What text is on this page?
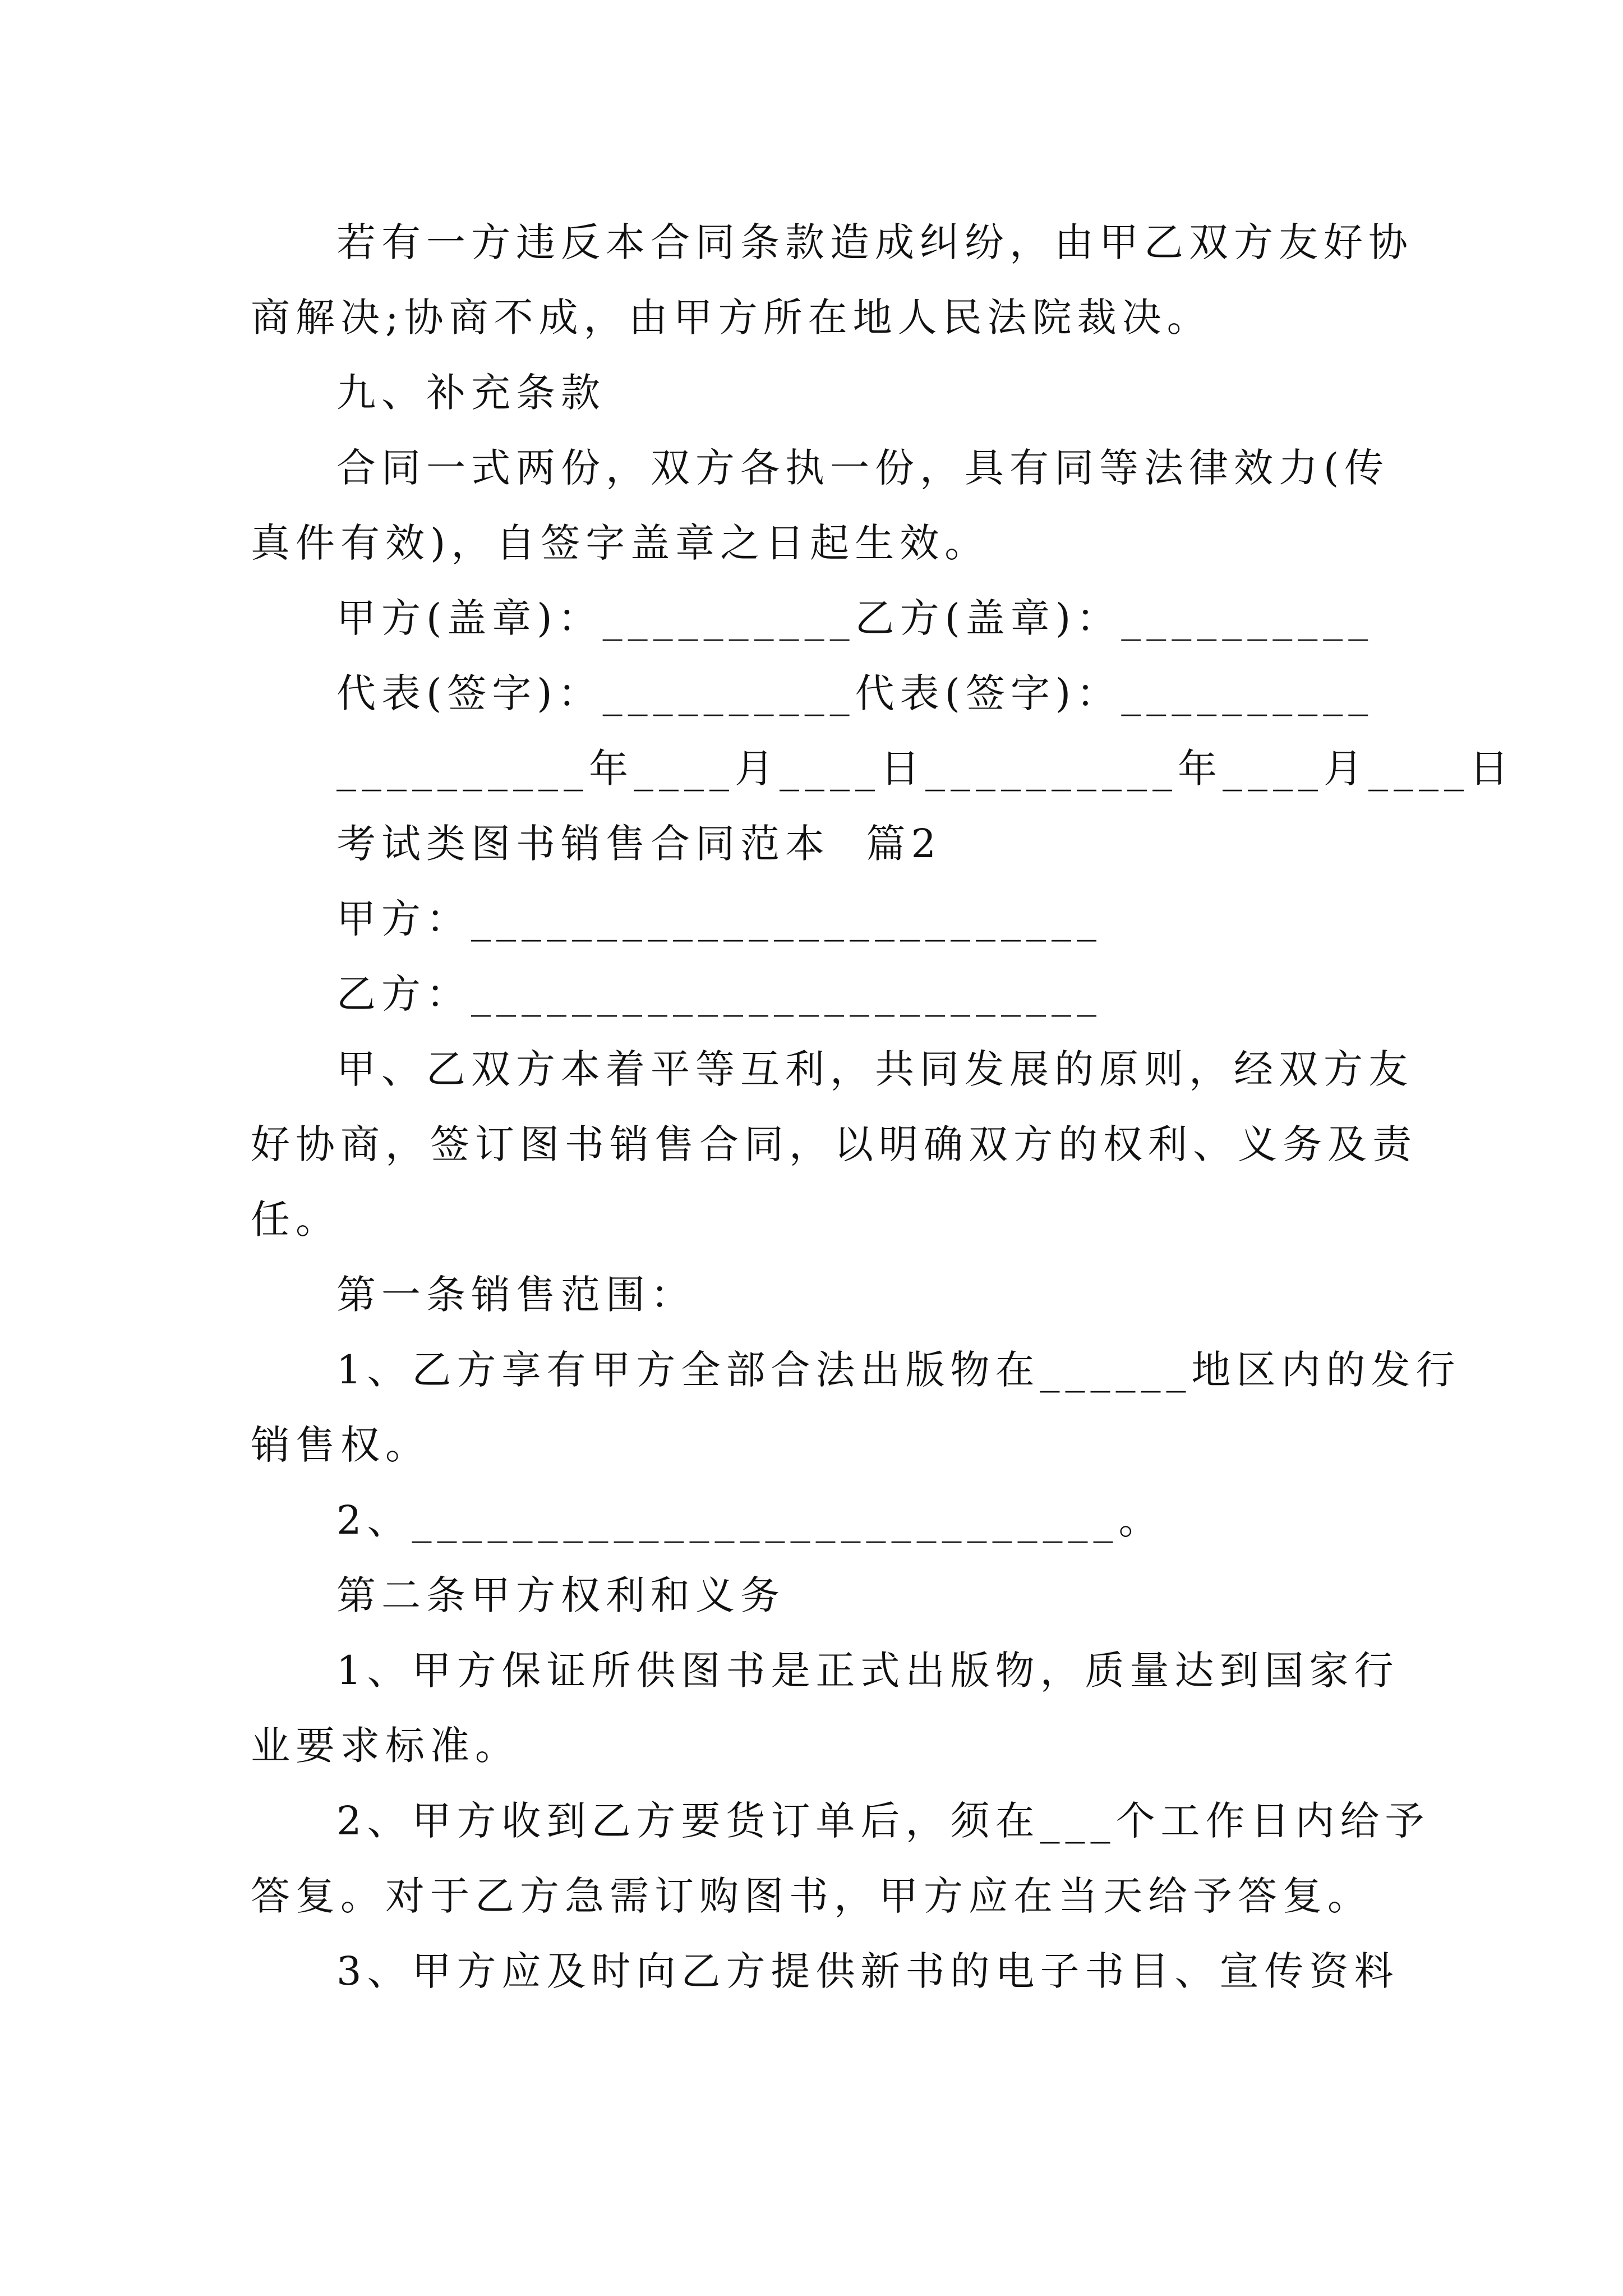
若有一方违反本合同条款造成纠纷，由甲乙双方友好协
商解决;协商不成，由甲方所在地人民法院裁决。
九、补充条款
合同一式两份，双方各执一份，具有同等法律效力(传
真件有效)，自签字盖章之日起生效。
甲方(盖章)：__________乙方(盖章)：__________
代表(签字)：__________代表(签字)：__________
__________年____月____日__________年____月____日
考试类图书销售合同范本  篇2
甲方：_________________________
乙方：_________________________
甲、乙双方本着平等互利，共同发展的原则，经双方友
好协商，签订图书销售合同，以明确双方的权利、义务及责
任。
第一条销售范围：
1、乙方享有甲方全部合法出版物在______地区内的发行
销售权。
2、____________________________。
第二条甲方权利和义务
1、甲方保证所供图书是正式出版物，质量达到国家行
业要求标准。
2、甲方收到乙方要货订单后，须在___个工作日内给予
答复。对于乙方急需订购图书，甲方应在当天给予答复。
3、甲方应及时向乙方提供新书的电子书目、宣传资料
